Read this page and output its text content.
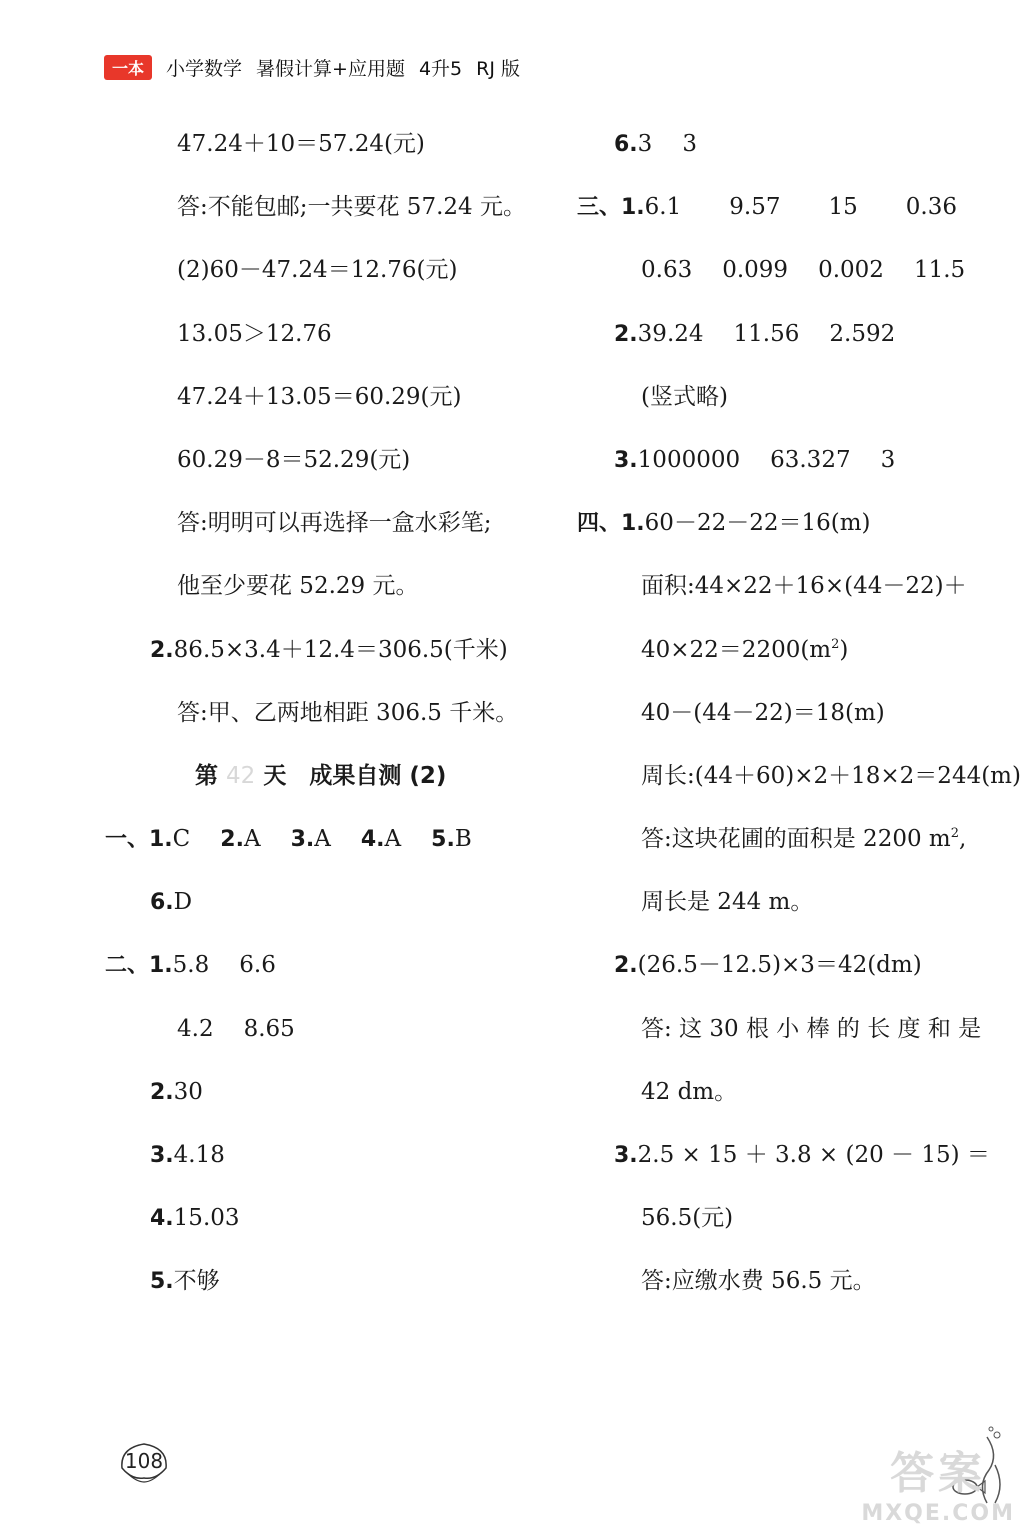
一本	小学数学 暑假计算+应用题 4升5 RJ 版
47.24＋10＝57.24(元)
答:不能包邮;一共要花 57.24 元。
(2)60－47.24＝12.76(元)
13.05＞12.76
47.24＋13.05＝60.29(元)
60.29－8＝52.29(元)
答:明明可以再选择一盒水彩笔;
他至少要花 52.29 元。
2.86.5×3.4＋12.4＝306.5(千米)
答:甲、乙两地相距 306.5 千米。
第 42 天　成果自测 (2)
一、1.C 2.A 3.A 4.A 5.B
6.D
二、1.5.8 6.6
4.2 8.65
2.30
3.4.18
4.15.03
5.不够
6.3 3
三、1.6.1 9.57 15 0.36
0.63 0.099 0.002 11.5
2.39.24 11.56 2.592
(竖式略)
3.1000000 63.327 3
四、1.60－22－22＝16(m)
面积:44×22＋16×(44－22)＋
$40\times 22=2200(m^2)$
40－(44－22)＝18(m)
周长:(44＋60)×2＋18×2＝244(m)
答:这块花圃的面积是 2200 $m^2$,
周长是 244 m。
2.(26.5－12.5)×3＝42(dm)
答: 这 30 根 小 棒 的 长 度 和 是
42 dm。
3.2.5 × 15 ＋ 3.8 × (20 － 15) ＝
56.5(元)
答:应缴水费 56.5 元。
108	答案
MXQE.COM
